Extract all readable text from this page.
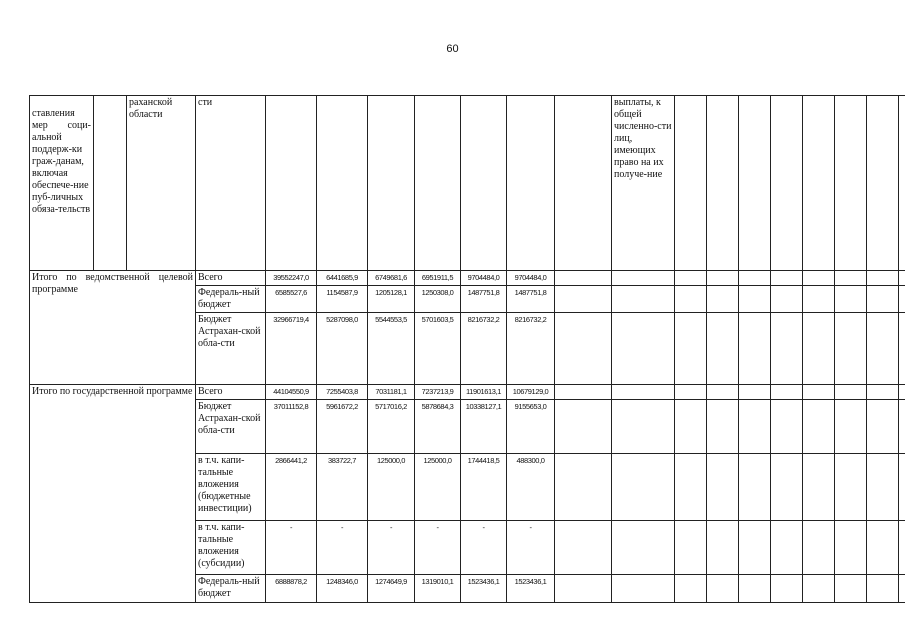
60
ставления мер соци-альной поддерж-ки граж-данам, включая обеспече-ние пуб-личных обяза-тельств		раханской области	сти								выплаты, к общей численно-сти лиц, имеющих право на их получе-ние								
Итого по ведомственной целевой программе			Всего	39552247,0	6441685,9	6749681,6	6951911,5	9704484,0	9704484,0										
			Федераль-ный бюджет	6585527,6	1154587,9	1205128,1	1250308,0	1487751,8	1487751,8										
			Бюджет Астрахан-ской обла-сти	32966719,4	5287098,0	5544553,5	5701603,5	8216732,2	8216732,2										
Итого по государственной программе			Всего	44104550,9	7255403,8	7031181,1	7237213,9	11901613,1	10679129,0										
			Бюджет Астрахан-ской обла-сти	37011152,8	5961672,2	5717016,2	5878684,3	10338127,1	9155653,0										
			в т.ч. капи-тальные вложения (бюджетные инвестиции)	2866441,2	383722,7	125000,0	125000,0	1744418,5	488300,0										
			в т.ч. капи-тальные вложения (субсидии)	-	-	-	-	-	-										
			Федераль-ный бюджет	6888878,2	1248346,0	1274649,9	1319010,1	1523436,1	1523436,1										
